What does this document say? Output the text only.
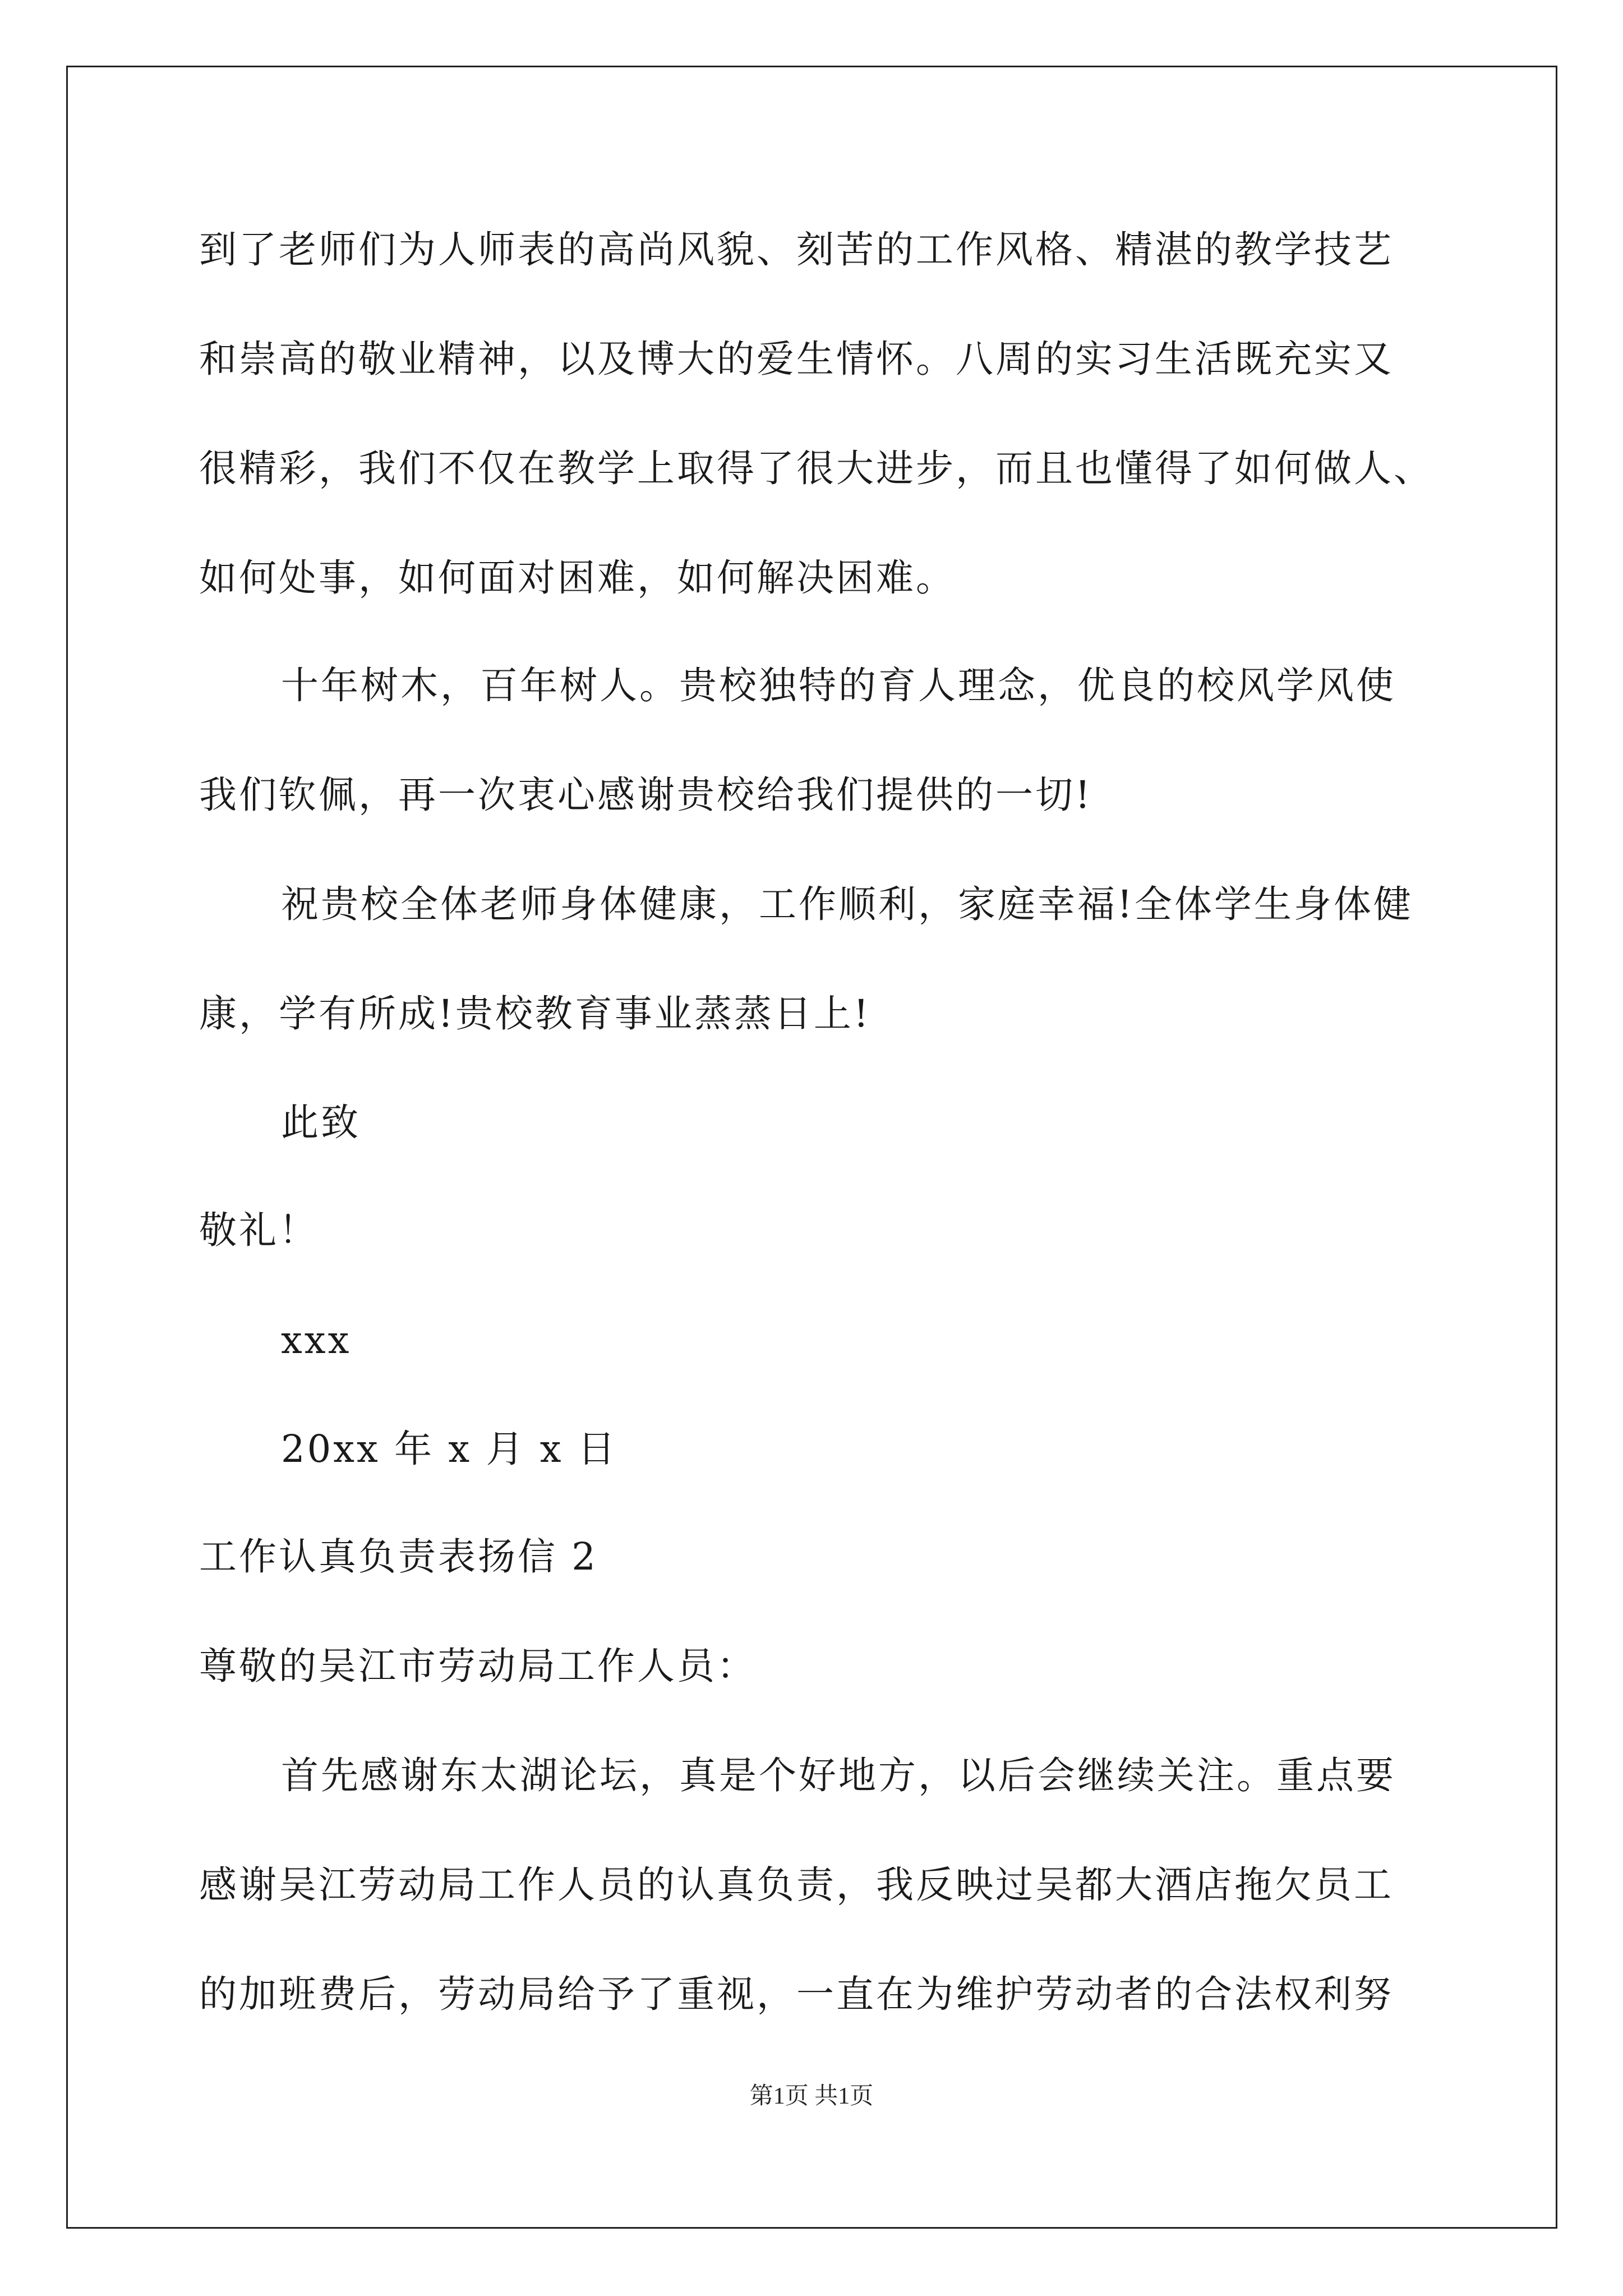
到了老师们为人师表的高尚风貌、刻苦的工作风格、精湛的教学技艺
和崇高的敬业精神，以及博大的爱生情怀。八周的实习生活既充实又
很精彩，我们不仅在教学上取得了很大进步，而且也懂得了如何做人、
如何处事，如何面对困难，如何解决困难。
十年树木，百年树人。贵校独特的育人理念，优良的校风学风使
我们钦佩，再一次衷心感谢贵校给我们提供的一切!
祝贵校全体老师身体健康，工作顺利，家庭幸福!全体学生身体健
康，学有所成!贵校教育事业蒸蒸日上!
此致
敬礼！
xxx
20xx 年 x 月 x 日
工作认真负责表扬信 2
尊敬的吴江市劳动局工作人员：
首先感谢东太湖论坛，真是个好地方，以后会继续关注。重点要
感谢吴江劳动局工作人员的认真负责，我反映过吴都大酒店拖欠员工
的加班费后，劳动局给予了重视，一直在为维护劳动者的合法权利努
第1页 共1页
